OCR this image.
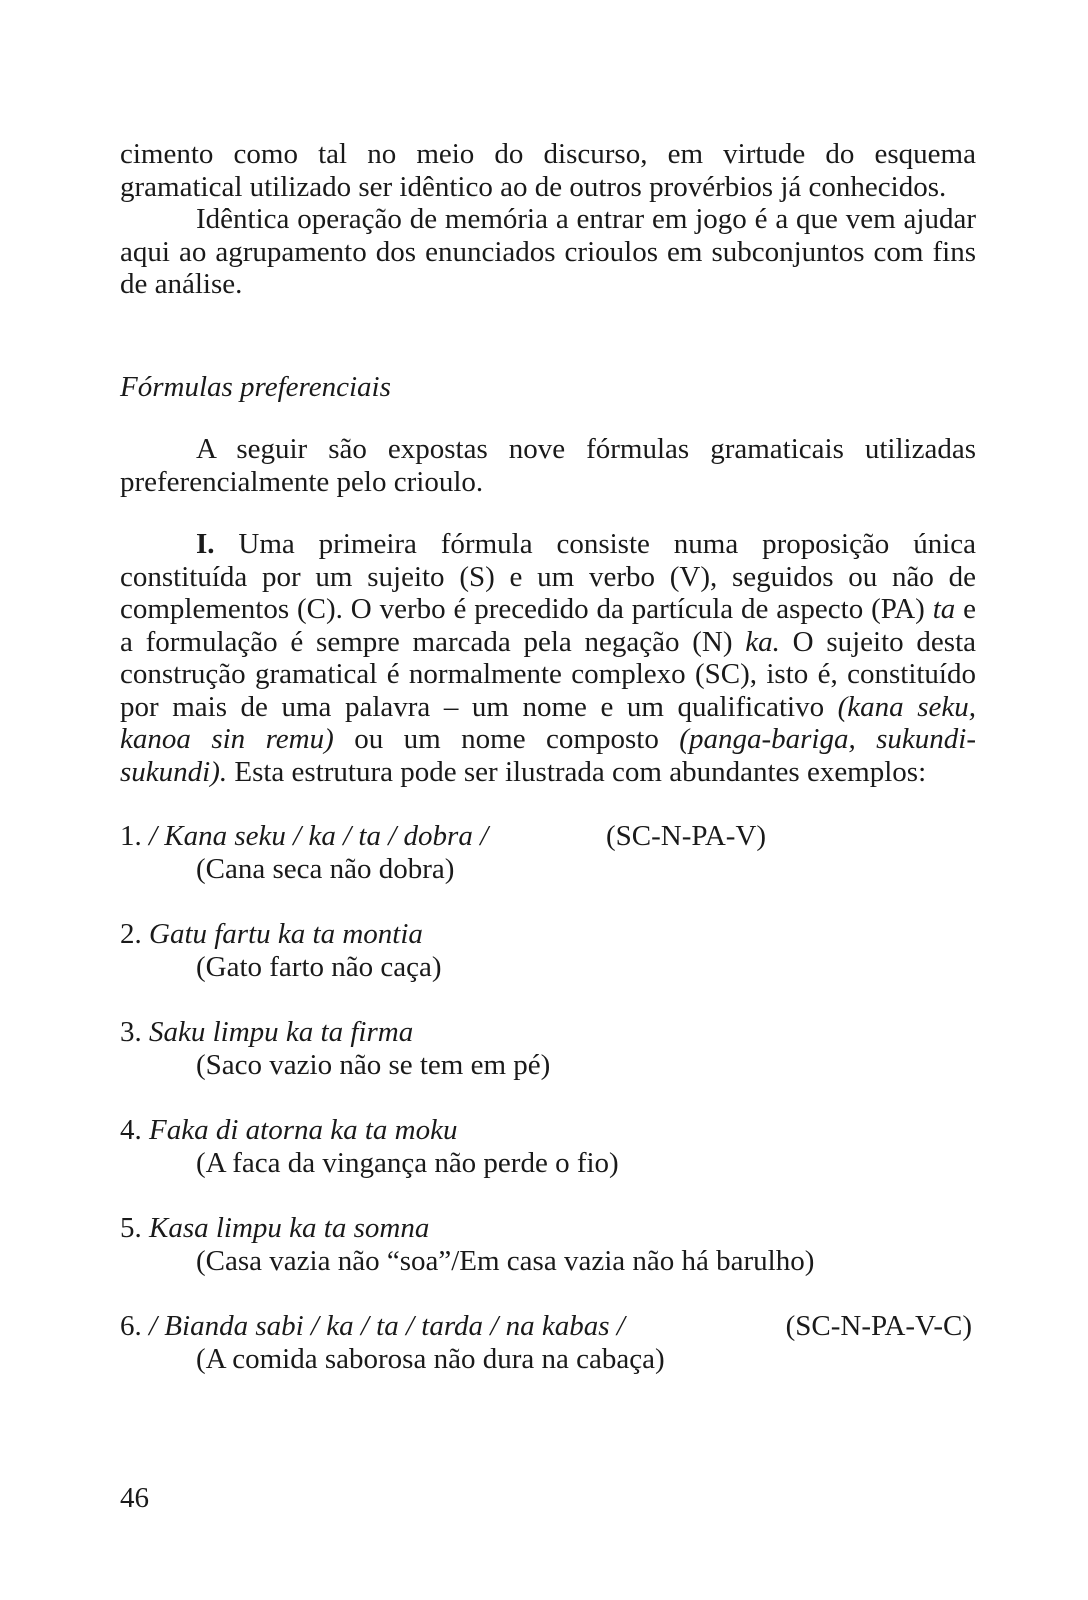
cimento como tal no meio do discurso, em virtude do esquema gramatical utilizado ser idêntico ao de outros provérbios já conhecidos.

Idêntica operação de memória a entrar em jogo é a que vem ajudar aqui ao agrupamento dos enunciados crioulos em subconjuntos com fins de análise.

Fórmulas preferenciais

A seguir são expostas nove fórmulas gramaticais utilizadas preferencialmente pelo crioulo.

I. Uma primeira fórmula consiste numa proposição única constituída por um sujeito (S) e um verbo (V), seguidos ou não de complementos (C). O verbo é precedido da partícula de aspecto (PA) ta e a formulação é sempre marcada pela negação (N) ka. O sujeito desta construção gramatical é normalmente complexo (SC), isto é, constituído por mais de uma palavra – um nome e um qualificativo (kana seku, kanoa sin remu) ou um nome composto (panga-bariga, sukundi-sukundi). Esta estrutura pode ser ilustrada com abundantes exemplos:

1. / Kana seku / ka / ta / dobra /	(SC-N-PA-V)
(Cana seca não dobra)
2. Gatu fartu ka ta montia
(Gato farto não caça)
3. Saku limpu ka ta firma
(Saco vazio não se tem em pé)
4. Faka di atorna ka ta moku
(A faca da vingança não perde o fio)
5. Kasa limpu ka ta somna
(Casa vazia não “soa”/Em casa vazia não há barulho)
6. / Bianda sabi / ka / ta / tarda / na kabas /	(SC-N-PA-V-C)
(A comida saborosa não dura na cabaça)
46
